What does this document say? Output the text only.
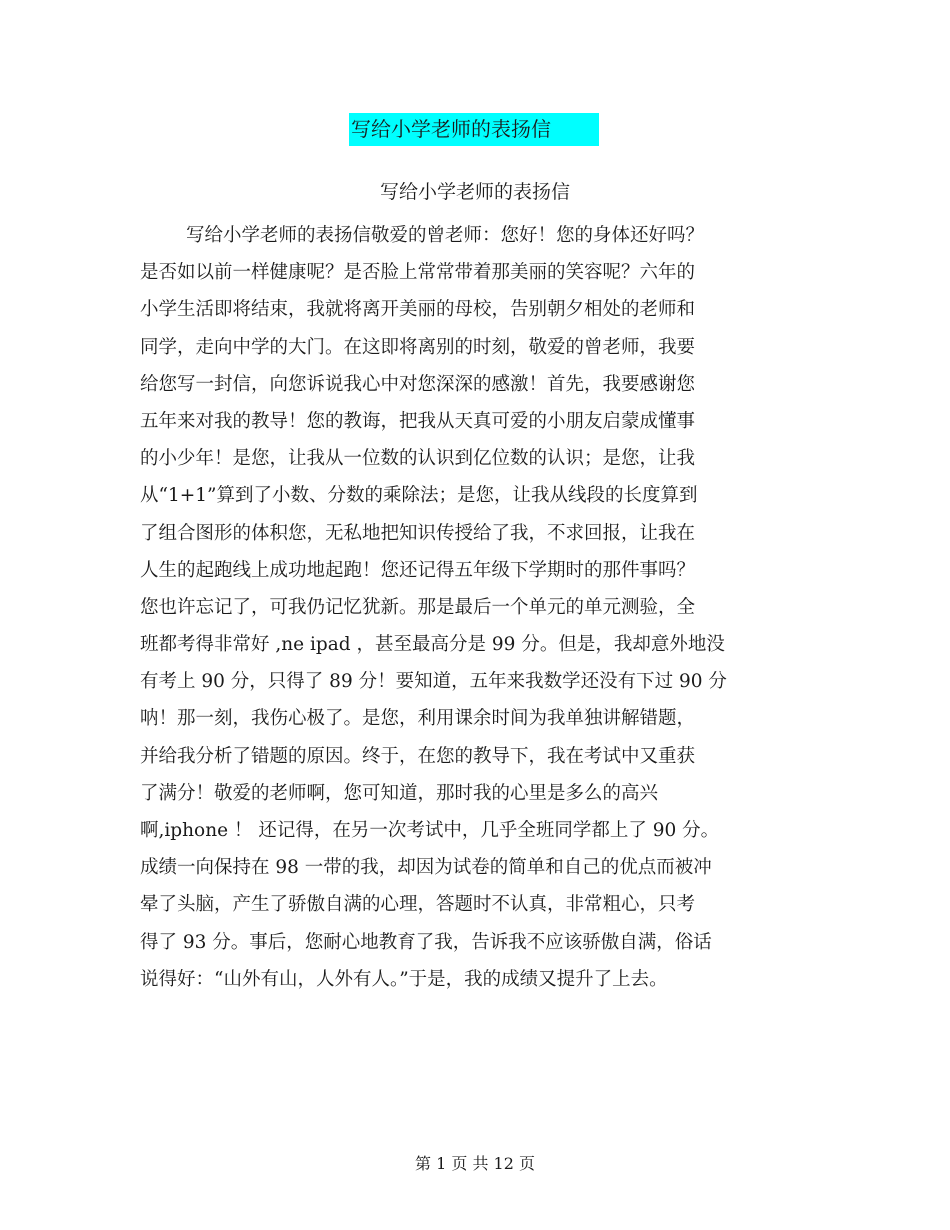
写给小学老师的表扬信
写给小学老师的表扬信
写给小学老师的表扬信敬爱的曾老师：您好！您的身体还好吗？
是否如以前一样健康呢？是否脸上常常带着那美丽的笑容呢？六年的
小学生活即将结束，我就将离开美丽的母校，告别朝夕相处的老师和
同学，走向中学的大门。在这即将离别的时刻，敬爱的曾老师，我要
给您写一封信，向您诉说我心中对您深深的感激！首先，我要感谢您
五年来对我的教导！您的教诲，把我从天真可爱的小朋友启蒙成懂事
的小少年！是您，让我从一位数的认识到亿位数的认识；是您，让我
从“1+1”算到了小数、分数的乘除法；是您，让我从线段的长度算到
了组合图形的体积您，无私地把知识传授给了我，不求回报，让我在
人生的起跑线上成功地起跑！您还记得五年级下学期时的那件事吗？
您也许忘记了，可我仍记忆犹新。那是最后一个单元的单元测验，全
班都考得非常好 ,ne ipad ，甚至最高分是 99 分。但是，我却意外地没
有考上 90 分，只得了 89 分！要知道，五年来我数学还没有下过 90 分
呐！那一刻，我伤心极了。是您，利用课余时间为我单独讲解错题，
并给我分析了错题的原因。终于，在您的教导下，我在考试中又重获
了满分！敬爱的老师啊，您可知道，那时我的心里是多么的高兴
啊,iphone ！ 还记得，在另一次考试中，几乎全班同学都上了 90 分。
成绩一向保持在 98 一带的我，却因为试卷的简单和自己的优点而被冲
晕了头脑，产生了骄傲自满的心理，答题时不认真，非常粗心，只考
得了 93 分。事后，您耐心地教育了我，告诉我不应该骄傲自满，俗话
说得好：“山外有山，人外有人。”于是，我的成绩又提升了上去。
第 1 页 共 12 页
